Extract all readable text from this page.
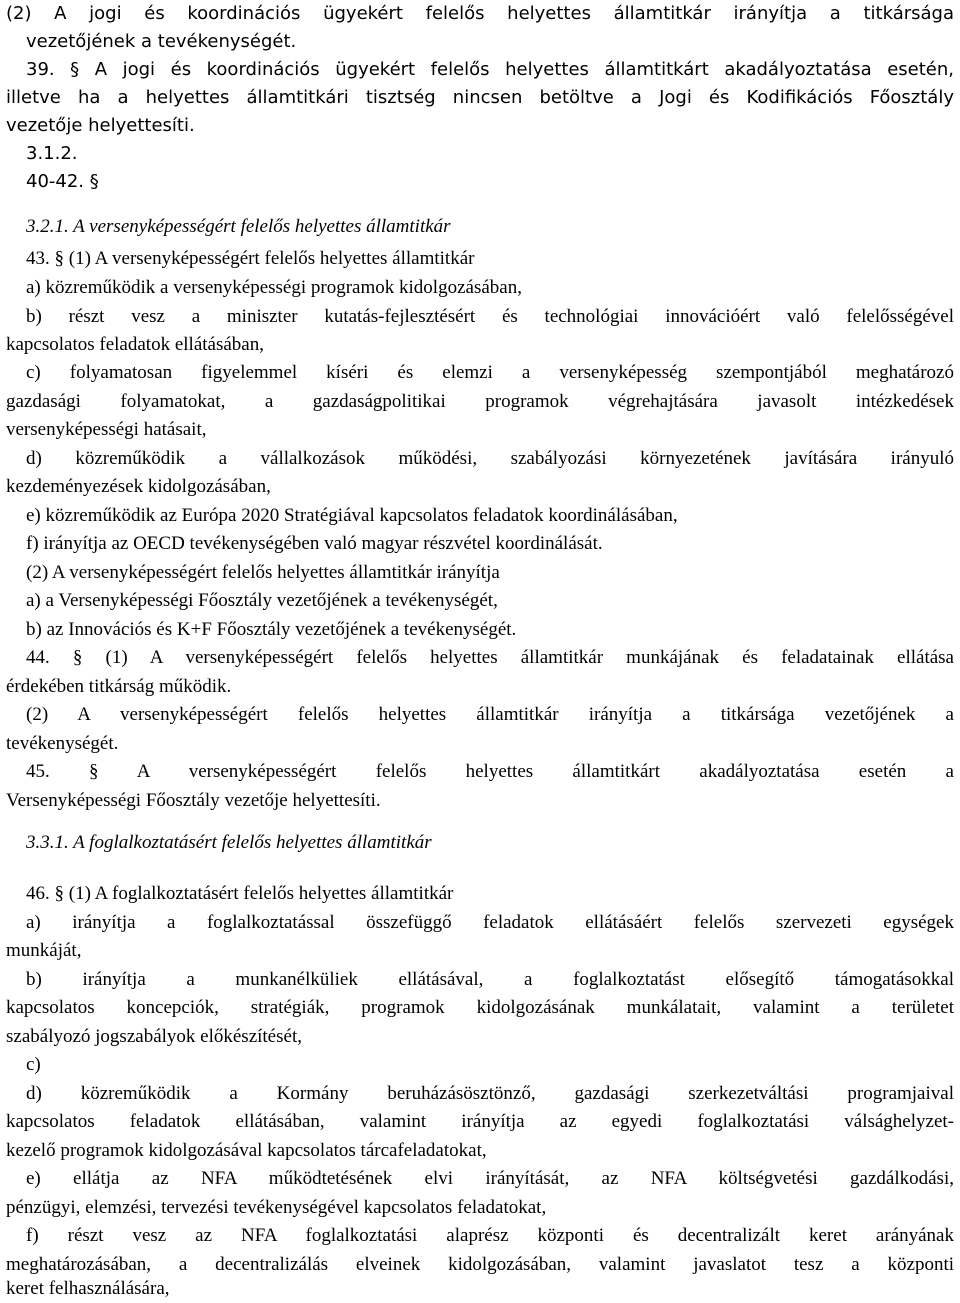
(2) A jogi és koordinációs ügyekért felelős helyettes államtitkár irányítja a titkársága
vezetőjének a tevékenységét.
39. § A jogi és koordinációs ügyekért felelős helyettes államtitkárt akadályoztatása esetén,
illetve ha a helyettes államtitkári tisztség nincsen betöltve a Jogi és Kodifikációs Főosztály
vezetője helyettesíti.
3.1.2.
40-42. §
3.2.1. A versenyképességért felelős helyettes államtitkár
43. § (1) A versenyképességért felelős helyettes államtitkár
a) közreműködik a versenyképességi programok kidolgozásában,
b) részt vesz a miniszter kutatás-fejlesztésért és technológiai innovációért való felelősségével
kapcsolatos feladatok ellátásában,
c) folyamatosan figyelemmel kíséri és elemzi a versenyképesség szempontjából meghatározó
gazdasági folyamatokat, a gazdaságpolitikai programok végrehajtására javasolt intézkedések
versenyképességi hatásait,
d) közreműködik a vállalkozások működési, szabályozási környezetének javítására irányuló
kezdeményezések kidolgozásában,
e) közreműködik az Európa 2020 Stratégiával kapcsolatos feladatok koordinálásában,
f) irányítja az OECD tevékenységében való magyar részvétel koordinálását.
(2) A versenyképességért felelős helyettes államtitkár irányítja
a) a Versenyképességi Főosztály vezetőjének a tevékenységét,
b) az Innovációs és K+F Főosztály vezetőjének a tevékenységét.
44. § (1) A versenyképességért felelős helyettes államtitkár munkájának és feladatainak ellátása
érdekében titkárság működik.
(2) A versenyképességért felelős helyettes államtitkár irányítja a titkársága vezetőjének a
tevékenységét.
45. § A versenyképességért felelős helyettes államtitkárt akadályoztatása esetén a
Versenyképességi Főosztály vezetője helyettesíti.
3.3.1. A foglalkoztatásért felelős helyettes államtitkár
46. § (1) A foglalkoztatásért felelős helyettes államtitkár
a) irányítja a foglalkoztatással összefüggő feladatok ellátásáért felelős szervezeti egységek
munkáját,
b) irányítja a munkanélküliek ellátásával, a foglalkoztatást elősegítő támogatásokkal
kapcsolatos koncepciók, stratégiák, programok kidolgozásának munkálatait, valamint a területet
szabályozó jogszabályok előkészítését,
c)
d) közreműködik a Kormány beruházásösztönző, gazdasági szerkezetváltási programjaival
kapcsolatos feladatok ellátásában, valamint irányítja az egyedi foglalkoztatási válsághelyzet-
kezelő programok kidolgozásával kapcsolatos tárcafeladatokat,
e) ellátja az NFA működtetésének elvi irányítását, az NFA költségvetési gazdálkodási,
pénzügyi, elemzési, tervezési tevékenységével kapcsolatos feladatokat,
f) részt vesz az NFA foglalkoztatási alaprész központi és decentralizált keret arányának
meghatározásában, a decentralizálás elveinek kidolgozásában, valamint javaslatot tesz a központi
keret felhasználására,
